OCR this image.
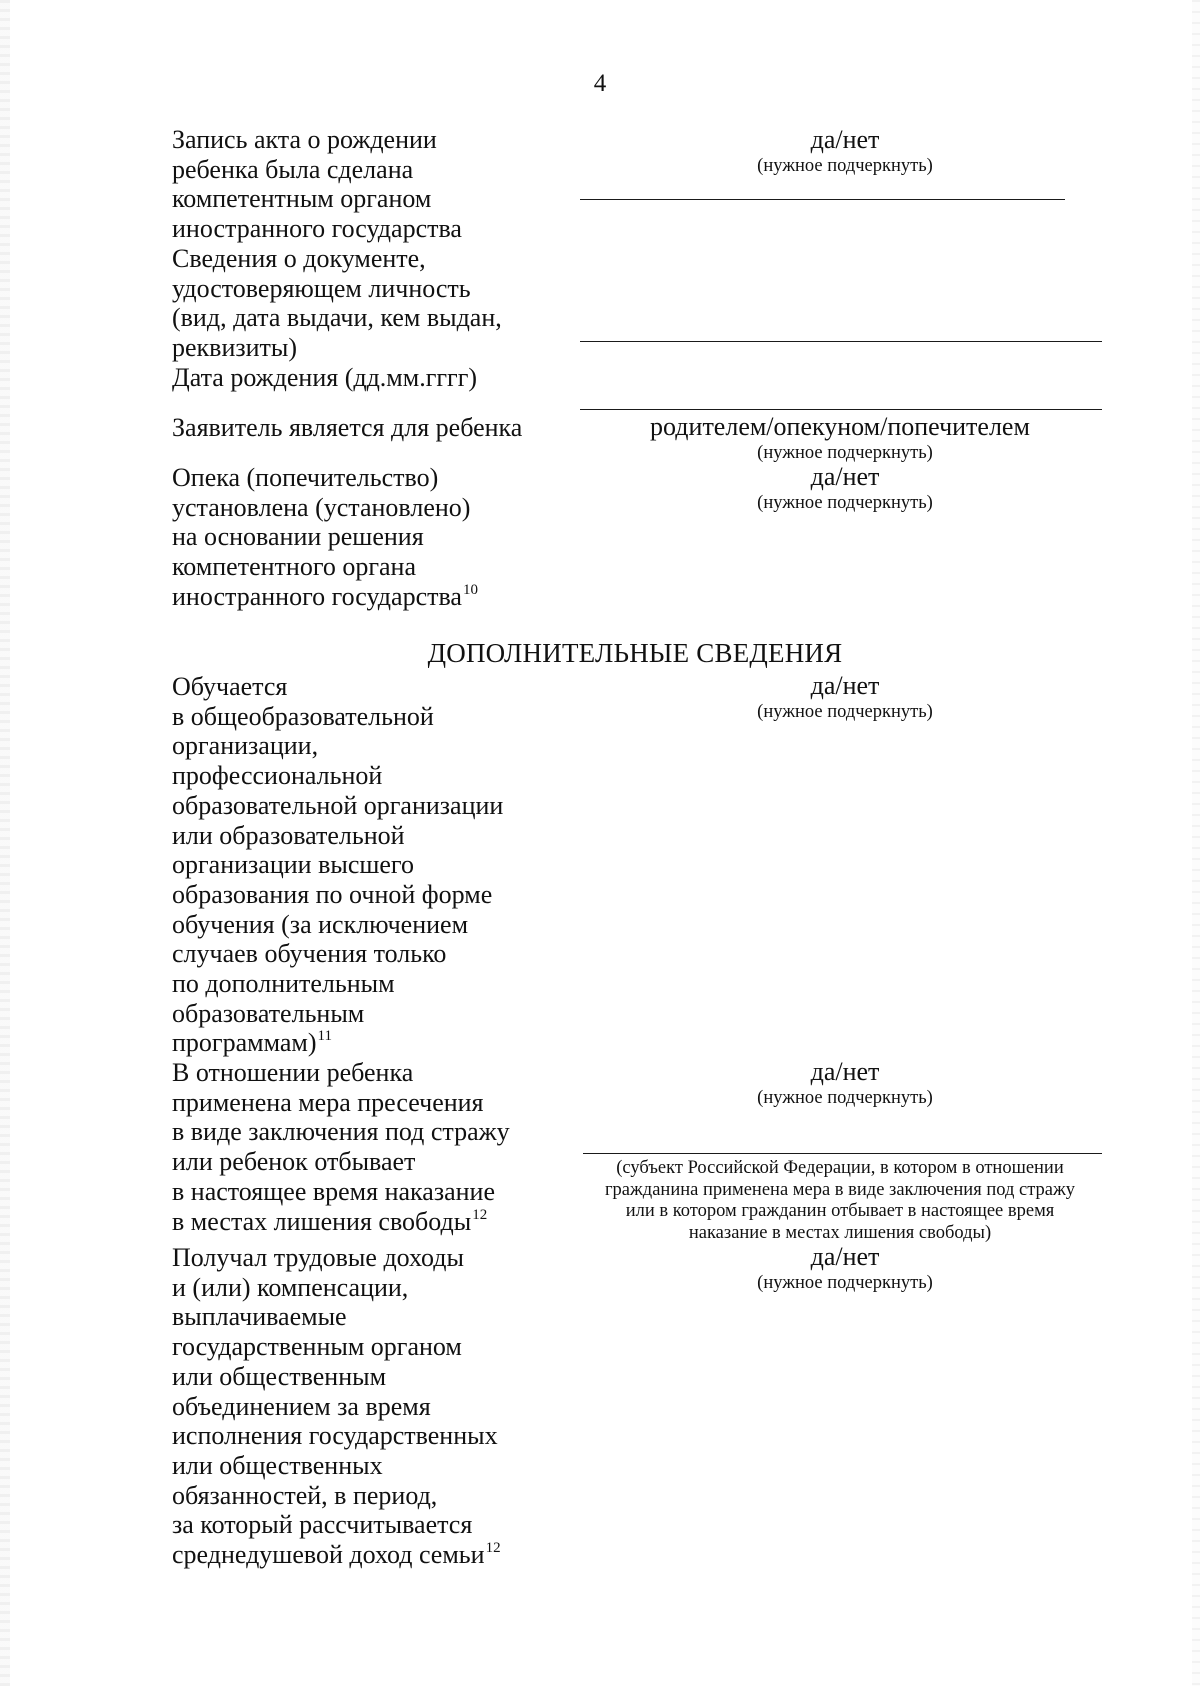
4
Запись акта о рождении
ребенка была сделана
компетентным органом
иностранного государства
да/нет
(нужное подчеркнуть)
Сведения о документе,
удостоверяющем личность
(вид, дата выдачи, кем выдан,
реквизиты)
Дата рождения (дд.мм.гггг)
Заявитель является для ребенка	родителем/опекуном/попечителем
(нужное подчеркнуть)
Опека (попечительство)
установлена (установлено)
на основании решения
компетентного органа
иностранного государства$^{10}$
да/нет
(нужное подчеркнуть)
ДОПОЛНИТЕЛЬНЫЕ СВЕДЕНИЯ
Обучается
в общеобразовательной
организации,
профессиональной
образовательной организации
или образовательной
организации высшего
образования по очной форме
обучения (за исключением
случаев обучения только
по дополнительным
образовательным
программам)$^{11}$
да/нет
(нужное подчеркнуть)
В отношении ребенка
применена мера пресечения
в виде заключения под стражу
или ребенок отбывает
в настоящее время наказание
в местах лишения свободы$^{12}$
да/нет
(нужное подчеркнуть)
(субъект Российской Федерации, в котором в отношении
гражданина применена мера в виде заключения под стражу
или в котором гражданин отбывает в настоящее время
наказание в местах лишения свободы)
Получал трудовые доходы
и (или) компенсации,
выплачиваемые
государственным органом
или общественным
объединением за время
исполнения государственных
или общественных
обязанностей, в период,
за который рассчитывается
среднедушевой доход семьи$^{12}$
да/нет
(нужное подчеркнуть)
